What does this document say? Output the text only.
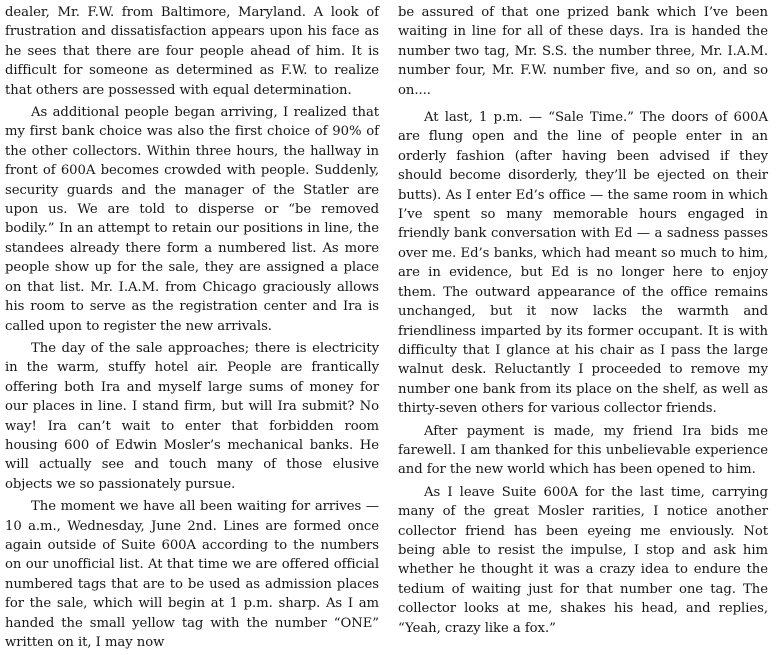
dealer, Mr. F.W. from Baltimore, Maryland. A look of frustration and dissatisfaction appears upon his face as he sees that there are four people ahead of him. It is difficult for someone as determined as F.W. to realize that others are possessed with equal determination.

As additional people began arriving, I realized that my first bank choice was also the first choice of 90% of the other collectors. Within three hours, the hallway in front of 600A becomes crowded with people. Suddenly, security guards and the manager of the Statler are upon us. We are told to disperse or “be removed bodily.” In an attempt to retain our positions in line, the standees already there form a numbered list. As more people show up for the sale, they are assigned a place on that list. Mr. I.A.M. from Chicago graciously allows his room to serve as the registration center and Ira is called upon to register the new arrivals.

The day of the sale approaches; there is electricity in the warm, stuffy hotel air. People are frantically offering both Ira and myself large sums of money for our places in line. I stand firm, but will Ira submit? No way! Ira can’t wait to enter that forbidden room housing 600 of Edwin Mosler’s mechanical banks. He will actually see and touch many of those elusive objects we so passionately pursue.

The moment we have all been waiting for arrives — 10 a.m., Wednesday, June 2nd. Lines are formed once again outside of Suite 600A according to the numbers on our unofficial list. At that time we are offered official numbered tags that are to be used as admission places for the sale, which will begin at 1 p.m. sharp. As I am handed the small yellow tag with the number “ONE” written on it, I may now

be assured of that one prized bank which I’ve been waiting in line for all of these days. Ira is handed the number two tag, Mr. S.S. the number three, Mr. I.A.M. number four, Mr. F.W. number five, and so on, and so on....

At last, 1 p.m. — “Sale Time.” The doors of 600A are flung open and the line of people enter in an orderly fashion (after having been advised if they should become disorderly, they’ll be ejected on their butts). As I enter Ed’s office — the same room in which I’ve spent so many memorable hours engaged in friendly bank conversation with Ed — a sadness passes over me. Ed’s banks, which had meant so much to him, are in evidence, but Ed is no longer here to enjoy them. The outward appearance of the office remains unchanged, but it now lacks the warmth and friendliness imparted by its former occupant. It is with difficulty that I glance at his chair as I pass the large walnut desk. Reluctantly I proceeded to remove my number one bank from its place on the shelf, as well as thirty-seven others for various collector friends.

After payment is made, my friend Ira bids me farewell. I am thanked for this unbelievable experience and for the new world which has been opened to him.

As I leave Suite 600A for the last time, carrying many of the great Mosler rarities, I notice another collector friend has been eyeing me enviously. Not being able to resist the impulse, I stop and ask him whether he thought it was a crazy idea to endure the tedium of waiting just for that number one tag. The collector looks at me, shakes his head, and replies, “Yeah, crazy like a fox.”
